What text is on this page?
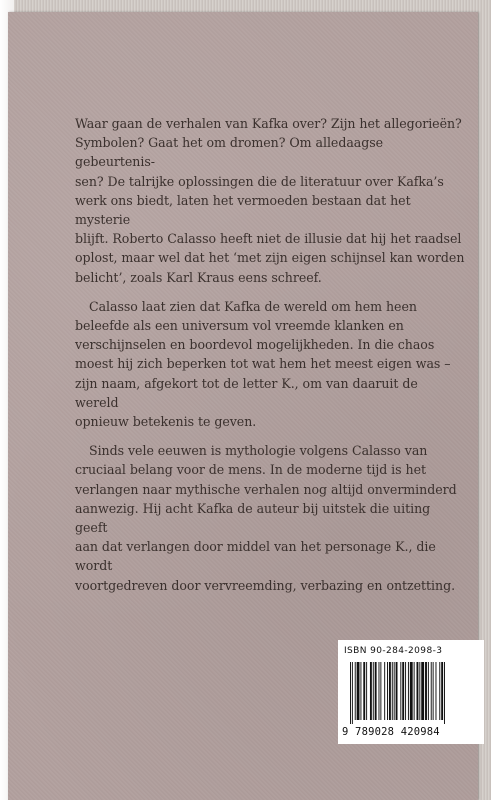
Waar gaan de verhalen van Kafka over? Zijn het allegorieën?
Symbolen? Gaat het om dromen? Om alledaagse gebeurtenis-
sen? De talrijke oplossingen die de literatuur over Kafka’s
werk ons biedt, laten het vermoeden bestaan dat het mysterie
blijft. Roberto Calasso heeft niet de illusie dat hij het raadsel
oplost, maar wel dat het ‘met zijn eigen schijnsel kan worden
belicht’, zoals Karl Kraus eens schreef.

Calasso laat zien dat Kafka de wereld om hem heen
beleefde als een universum vol vreemde klanken en
verschijnselen en boordevol mogelijkheden. In die chaos
moest hij zich beperken tot wat hem het meest eigen was –
zijn naam, afgekort tot de letter K., om van daaruit de wereld
opnieuw betekenis te geven.

Sinds vele eeuwen is mythologie volgens Calasso van
cruciaal belang voor de mens. In de moderne tijd is het
verlangen naar mythische verhalen nog altijd onverminderd
aanwezig. Hij acht Kafka de auteur bij uitstek die uiting geeft
aan dat verlangen door middel van het personage K., die wordt
voortgedreven door vervreemding, verbazing en ontzetting.

ISBN 90-284-2098-3
9 789028 420984
